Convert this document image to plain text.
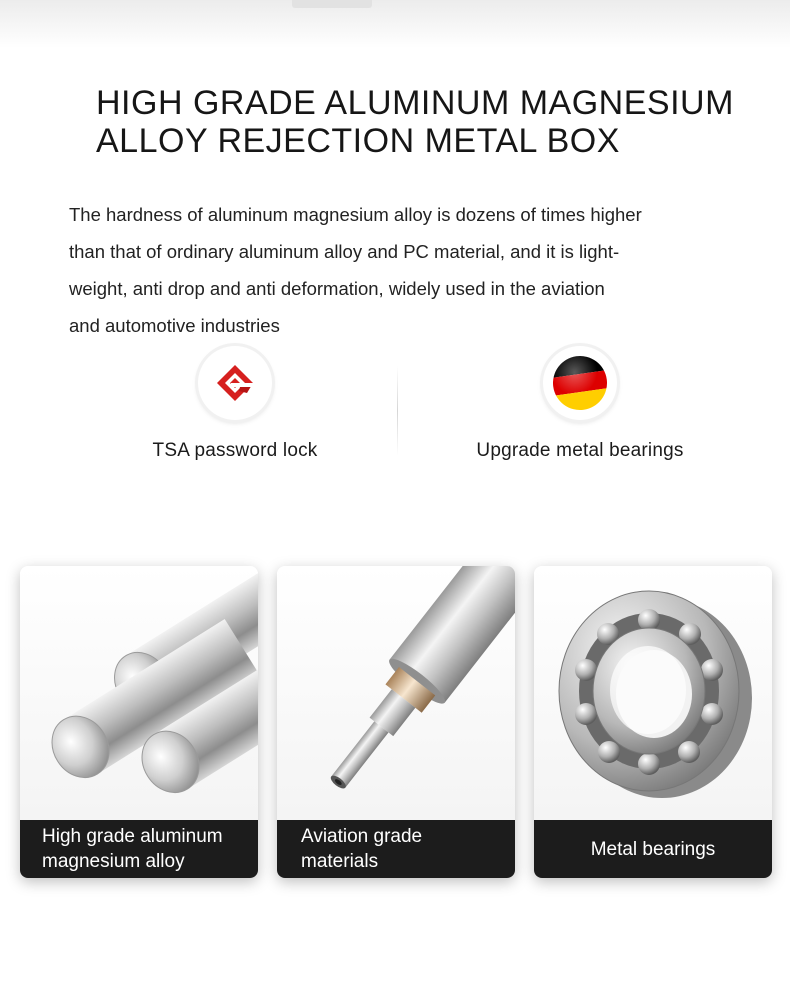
HIGH GRADE ALUMINUM MAGNESIUM
ALLOY REJECTION METAL BOX
The hardness of aluminum magnesium alloy is dozens of times higher
than that of ordinary aluminum alloy and PC material, and it is light-
weight, anti drop and anti deformation, widely used in the aviation
and automotive industries
TSA password lock	Upgrade metal bearings
High grade aluminum
magnesium alloy
Aviation grade
materials
Metal bearings
